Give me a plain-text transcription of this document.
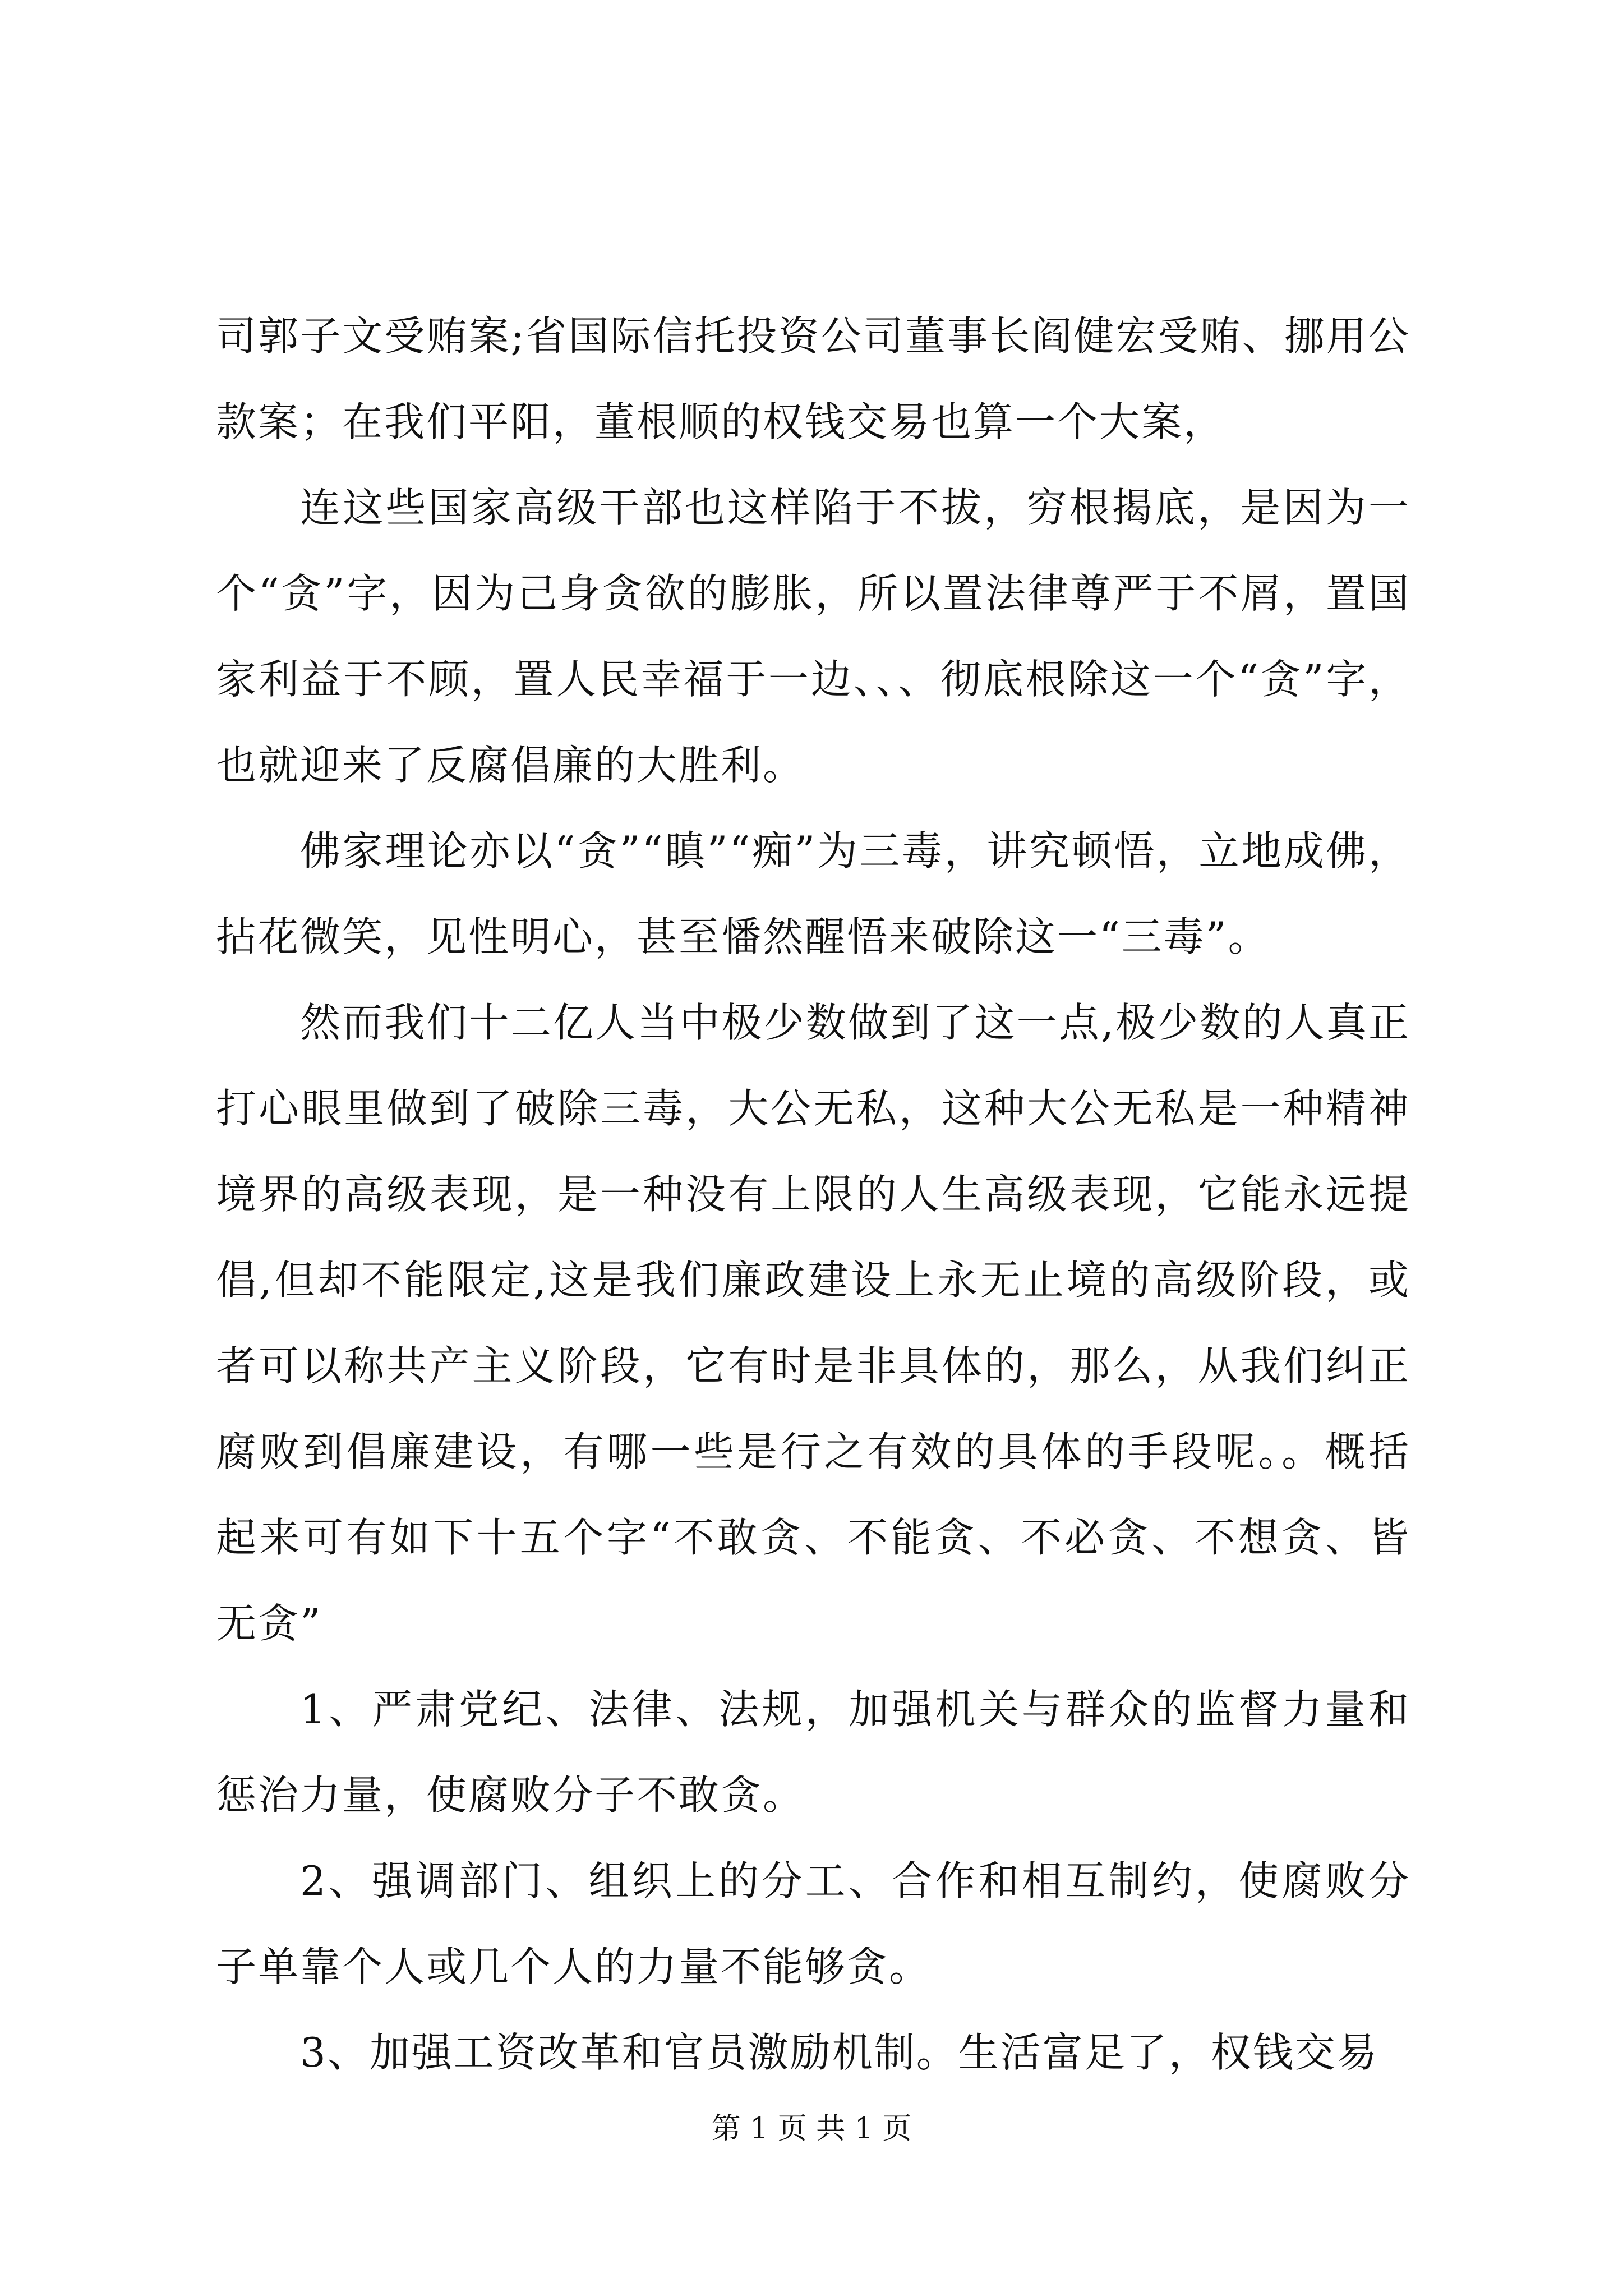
司郭子文受贿案;省国际信托投资公司董事长阎健宏受贿、挪用公款案；在我们平阳，董根顺的权钱交易也算一个大案，

连这些国家高级干部也这样陷于不拔，穷根揭底，是因为一个“贪”字，因为己身贪欲的膨胀，所以置法律尊严于不屑，置国家利益于不顾，置人民幸福于一边、、、彻底根除这一个“贪”字，也就迎来了反腐倡廉的大胜利。

佛家理论亦以“贪”“瞋”“痴”为三毒，讲究顿悟，立地成佛，拈花微笑，见性明心，甚至憣然醒悟来破除这一“三毒”。

然而我们十二亿人当中极少数做到了这一点,极少数的人真正打心眼里做到了破除三毒，大公无私，这种大公无私是一种精神境界的高级表现，是一种没有上限的人生高级表现，它能永远提倡,但却不能限定,这是我们廉政建设上永无止境的高级阶段，或者可以称共产主义阶段，它有时是非具体的，那么，从我们纠正腐败到倡廉建设，有哪一些是行之有效的具体的手段呢。。概括起来可有如下十五个字“不敢贪、不能贪、不必贪、不想贪、皆无贪”

1、严肃党纪、法律、法规，加强机关与群众的监督力量和惩治力量，使腐败分子不敢贪。

2、强调部门、组织上的分工、合作和相互制约，使腐败分子单靠个人或几个人的力量不能够贪。

3、加强工资改革和官员激励机制。生活富足了，权钱交易

第 1 页 共 1 页
